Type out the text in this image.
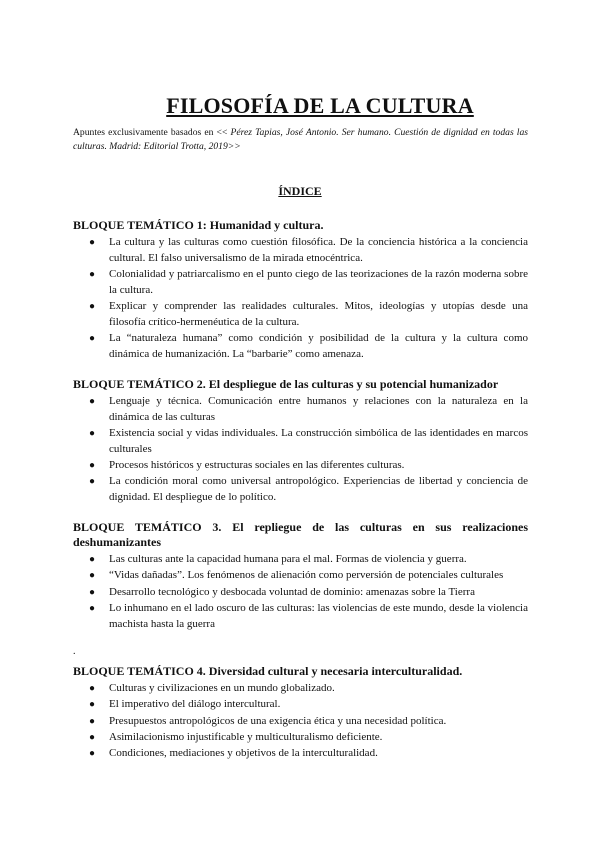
FILOSOFÍA DE LA CULTURA

Apuntes exclusivamente basados en << Pérez Tapias, José Antonio. Ser humano. Cuestión de dignidad en todas las culturas. Madrid: Editorial Trotta, 2019>>

ÍNDICE
BLOQUE TEMÁTICO 1: Humanidad y cultura.
● La cultura y las culturas como cuestión filosófica. De la conciencia histórica a la conciencia cultural. El falso universalismo de la mirada etnocéntrica.
● Colonialidad y patriarcalismo en el punto ciego de las teorizaciones de la razón moderna sobre la cultura.
● Explicar y comprender las realidades culturales. Mitos, ideologías y utopías desde una filosofía crítico-hermenéutica de la cultura.
● La “naturaleza humana” como condición y posibilidad de la cultura y la cultura como dinámica de humanización. La “barbarie” como amenaza.
BLOQUE TEMÁTICO 2. El despliegue de las culturas y su potencial humanizador
● Lenguaje y técnica. Comunicación entre humanos y relaciones con la naturaleza en la dinámica de las culturas
● Existencia social y vidas individuales. La construcción simbólica de las identidades en marcos culturales
● Procesos históricos y estructuras sociales en las diferentes culturas.
● La condición moral como universal antropológico. Experiencias de libertad y conciencia de dignidad. El despliegue de lo político.
BLOQUE TEMÁTICO 3. El repliegue de las culturas en sus realizaciones deshumanizantes
● Las culturas ante la capacidad humana para el mal. Formas de violencia y guerra.
● “Vidas dañadas”. Los fenómenos de alienación como perversión de potenciales culturales
● Desarrollo tecnológico y desbocada voluntad de dominio: amenazas sobre la Tierra
● Lo inhumano en el lado oscuro de las culturas: las violencias de este mundo, desde la violencia machista hasta la guerra
.
BLOQUE TEMÁTICO 4. Diversidad cultural y necesaria interculturalidad.
● Culturas y civilizaciones en un mundo globalizado.
● El imperativo del diálogo intercultural.
● Presupuestos antropológicos de una exigencia ética y una necesidad política.
● Asimilacionismo injustificable y multiculturalismo deficiente.
● Condiciones, mediaciones y objetivos de la interculturalidad.
